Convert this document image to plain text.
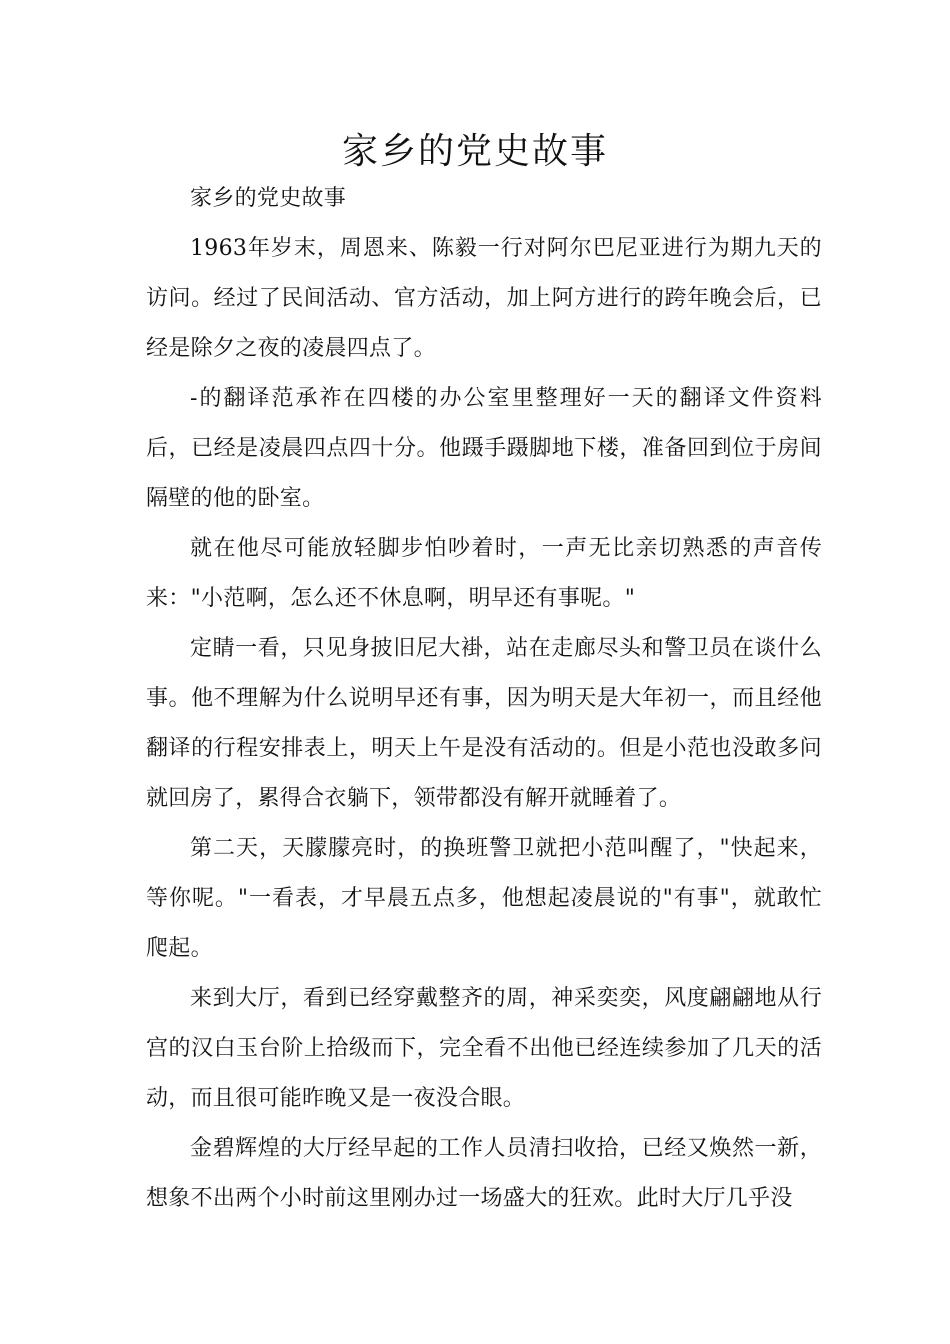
家乡的党史故事

家乡的党史故事

1963年岁末，周恩来、陈毅一行对阿尔巴尼亚进行为期九天的访问。经过了民间活动、官方活动，加上阿方进行的跨年晚会后，已经是除夕之夜的凌晨四点了。

-的翻译范承祚在四楼的办公室里整理好一天的翻译文件资料后，已经是凌晨四点四十分。他蹑手蹑脚地下楼，准备回到位于房间隔壁的他的卧室。

就在他尽可能放轻脚步怕吵着时，一声无比亲切熟悉的声音传来："小范啊，怎么还不休息啊，明早还有事呢。"

定睛一看，只见身披旧尼大褂，站在走廊尽头和警卫员在谈什么事。他不理解为什么说明早还有事，因为明天是大年初一，而且经他翻译的行程安排表上，明天上午是没有活动的。但是小范也没敢多问就回房了，累得合衣躺下，领带都没有解开就睡着了。

第二天，天朦朦亮时，的换班警卫就把小范叫醒了，"快起来，等你呢。"一看表，才早晨五点多，他想起凌晨说的"有事"，就敢忙爬起。

来到大厅，看到已经穿戴整齐的周，神采奕奕，风度翩翩地从行宫的汉白玉台阶上拾级而下，完全看不出他已经连续参加了几天的活动，而且很可能昨晚又是一夜没合眼。

金碧辉煌的大厅经早起的工作人员清扫收拾，已经又焕然一新，想象不出两个小时前这里刚办过一场盛大的狂欢。此时大厅几乎没
